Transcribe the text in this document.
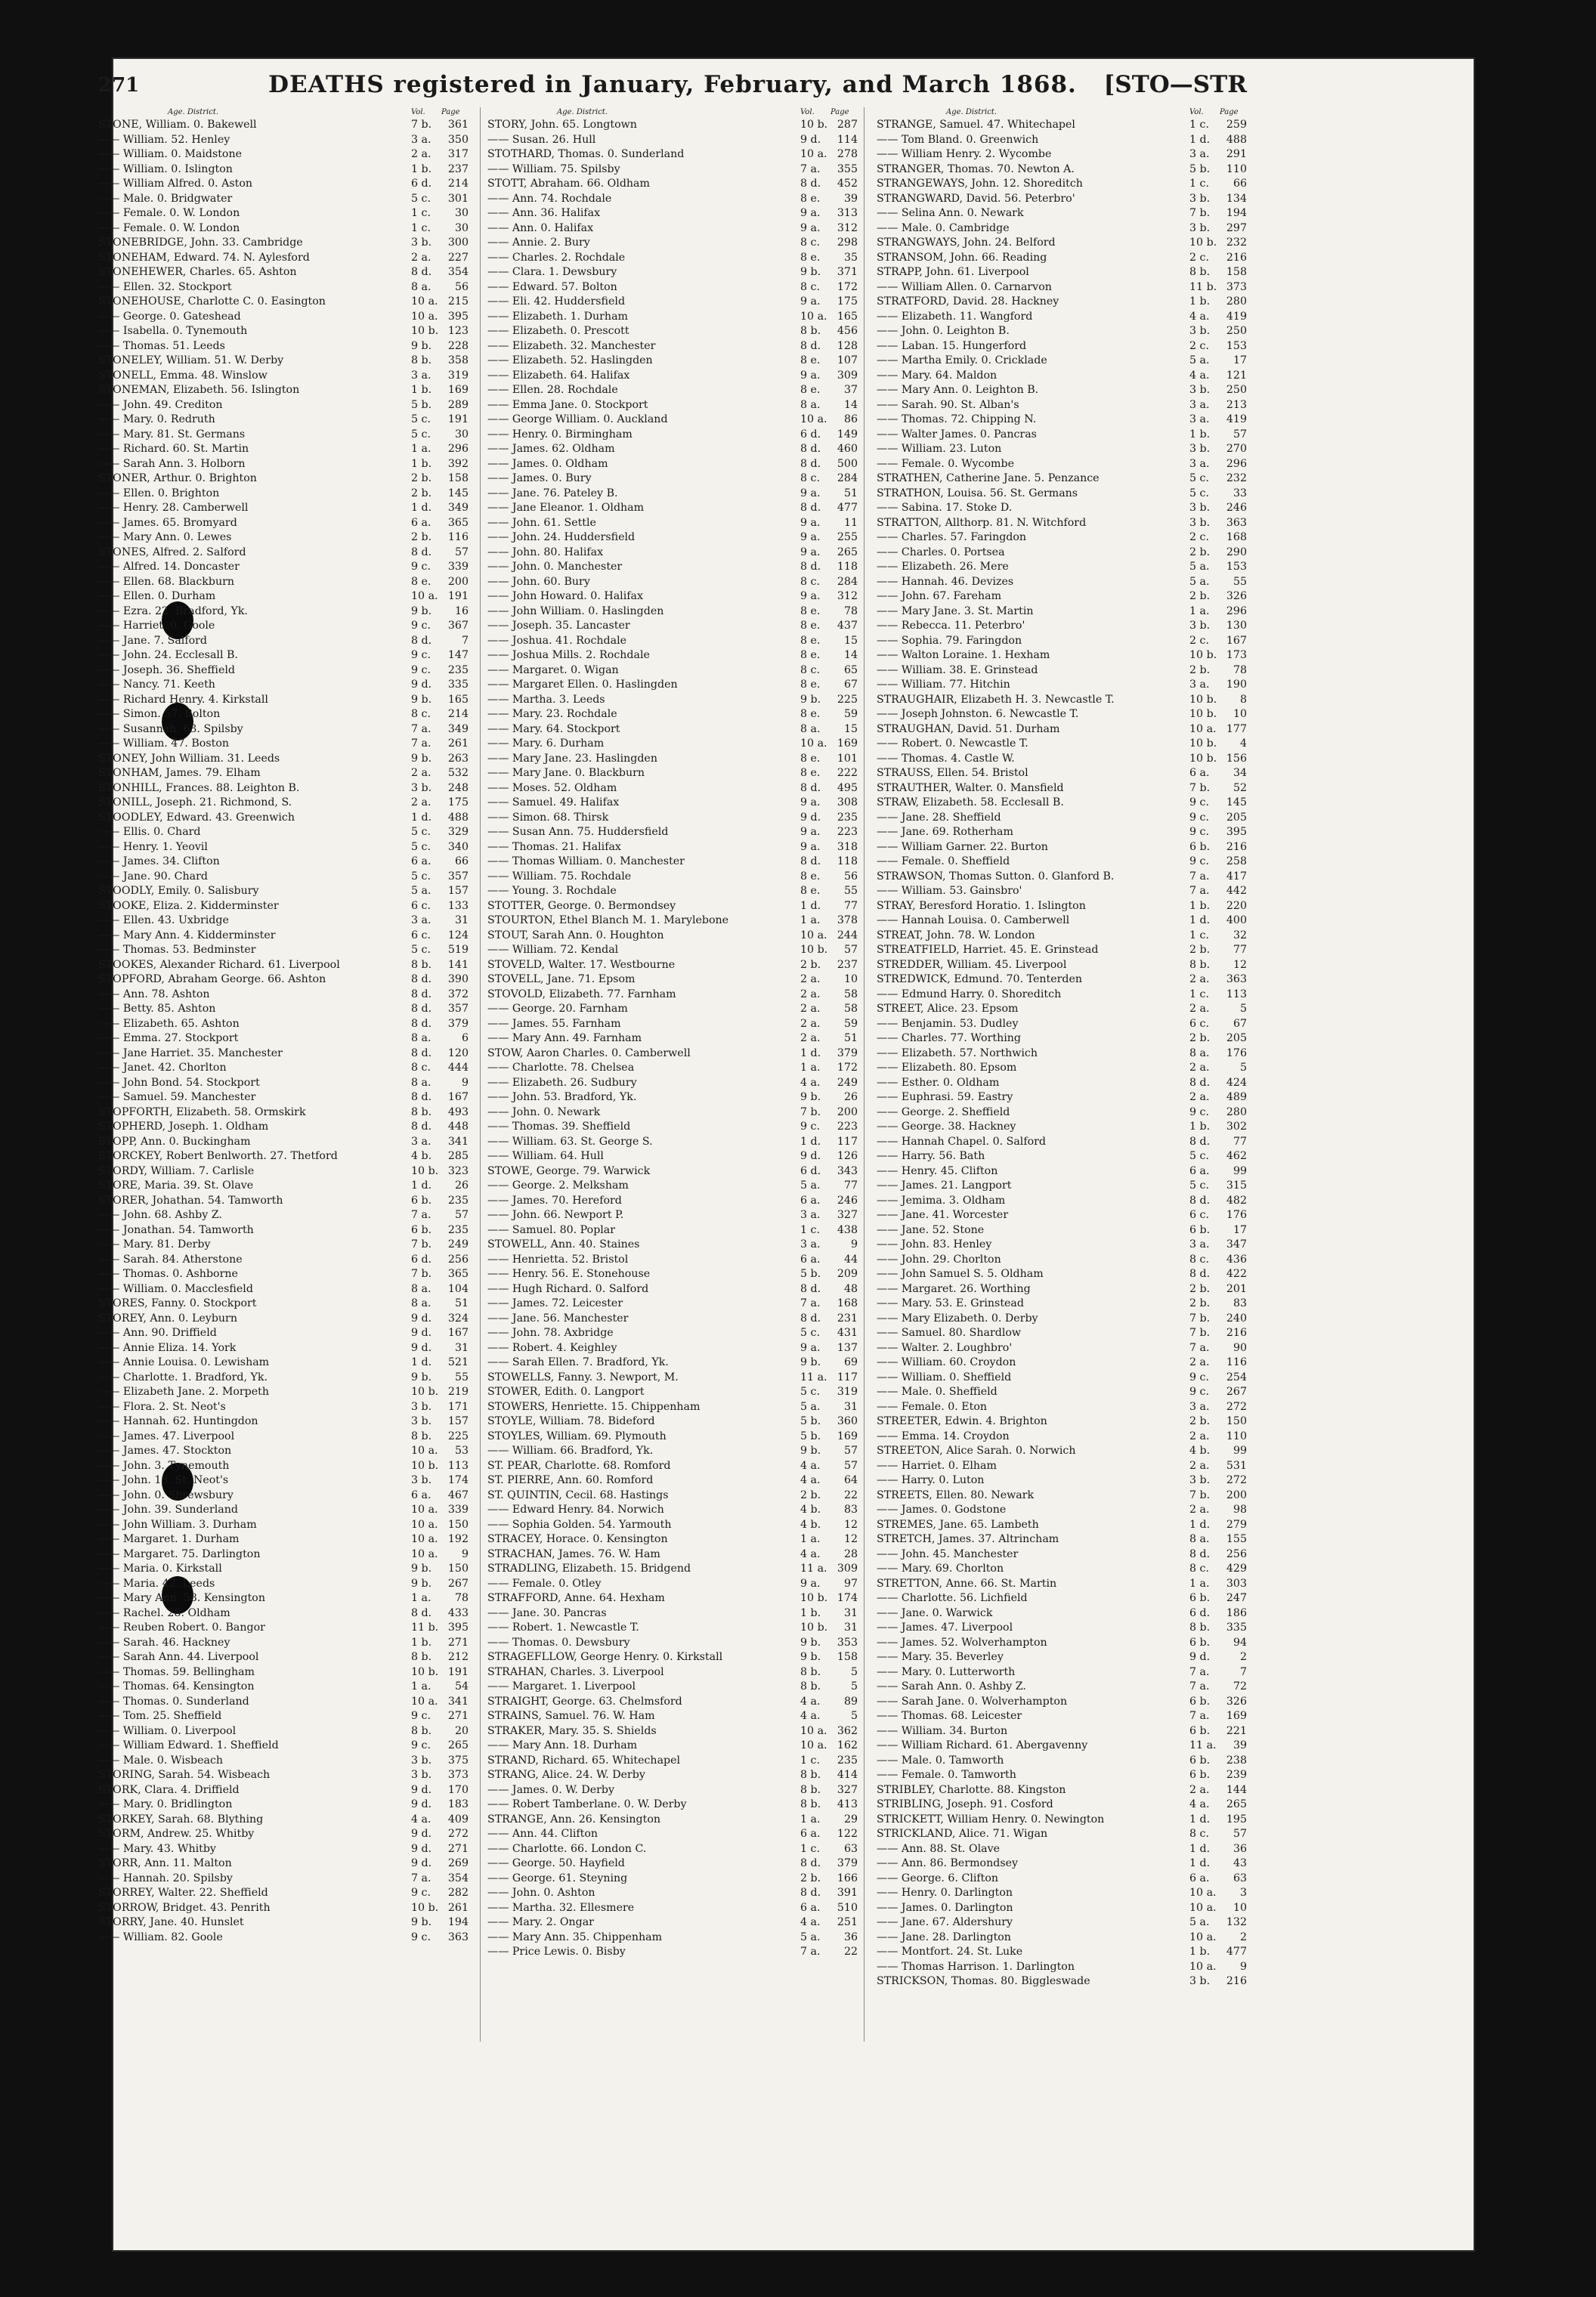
271	DEATHS registered in January, February, and March 1868.	[STO—STR
Age. District.	Vol.	Page
STONE, William. 0. Bakewell	7 b.	361
—— William. 52. Henley	3 a.	350
—— William. 0. Maidstone	2 a.	317
—— William. 0. Islington	1 b.	237
—— William Alfred. 0. Aston	6 d.	214
—— Male. 0. Bridgwater	5 c.	301
—— Female. 0. W. London	1 c.	30
—— Female. 0. W. London	1 c.	30
STONEBRIDGE, John. 33. Cambridge	3 b.	300
STONEHAM, Edward. 74. N. Aylesford	2 a.	227
STONEHEWER, Charles. 65. Ashton	8 d.	354
—— Ellen. 32. Stockport	8 a.	56
STONEHOUSE, Charlotte C. 0. Easington	10 a. 215
—— George. 0. Gateshead	10 a. 395
—— Isabella. 0. Tynemouth	10 b. 123
—— Thomas. 51. Leeds	9 b.	228
STONELEY, William. 51. W. Derby	8 b.	358
STONELL, Emma. 48. Winslow	3 a.	319
STONEMAN, Elizabeth. 56. Islington	1 b.	169
—— John. 49. Crediton	5 b.	289
—— Mary. 0. Redruth	5 c.	191
—— Mary. 81. St. Germans	5 c.	30
—— Richard. 60. St. Martin	1 a.	296
—— Sarah Ann. 3. Holborn	1 b.	392
STONER, Arthur. 0. Brighton	2 b.	158
—— Ellen. 0. Brighton	2 b.	145
—— Henry. 28. Camberwell	1 d.	349
—— James. 65. Bromyard	6 a.	365
—— Mary Ann. 0. Lewes	2 b.	116
STONES, Alfred. 2. Salford	8 d.	57
—— Alfred. 14. Doncaster	9 c.	339
—— Ellen. 68. Blackburn	8 e.	200
—— Ellen. 0. Durham	10 a. 191
—— Ezra. 22. Bradford, Yk.	9 b.	16
—— Harriet. 0. Goole	9 c.	367
—— Jane. 7. Salford	8 d.	7
—— John. 24. Ecclesall B.	9 c.	147
—— Joseph. 36. Sheffield	9 c.	235
—— Nancy. 71. Keeth	9 d.	335
—— Richard Henry. 4. Kirkstall	9 b.	165
—— Simon. 57. Bolton	8 c.	214
—— Susannah. 63. Spilsby	7 a.	349
—— William. 47. Boston	7 a.	261
STONEY, John William. 31. Leeds	9 b.	263
STONHAM, James. 79. Elham	2 a.	532
STONHILL, Frances. 88. Leighton B.	3 b.	248
STONILL, Joseph. 21. Richmond, S.	2 a.	175
STOODLEY, Edward. 43. Greenwich	1 d.	488
—— Ellis. 0. Chard	5 c.	329
—— Henry. 1. Yeovil	5 c.	340
—— James. 34. Clifton	6 a.	66
—— Jane. 90. Chard	5 c.	357
STOODLY, Emily. 0. Salisbury	5 a.	157
STOOKE, Eliza. 2. Kidderminster	6 c.	133
—— Ellen. 43. Uxbridge	3 a.	31
—— Mary Ann. 4. Kidderminster	6 c.	124
—— Thomas. 53. Bedminster	5 c.	519
STOOKES, Alexander Richard. 61. Liverpool	8 b.	141
STOPFORD, Abraham George. 66. Ashton	8 d.	390
—— Ann. 78. Ashton	8 d.	372
—— Betty. 85. Ashton	8 d.	357
—— Elizabeth. 65. Ashton	8 d.	379
—— Emma. 27. Stockport	8 a.	6
—— Jane Harriet. 35. Manchester	8 d.	120
—— Janet. 42. Chorlton	8 c.	444
—— John Bond. 54. Stockport	8 a.	9
—— Samuel. 59. Manchester	8 d.	167
STOPFORTH, Elizabeth. 58. Ormskirk	8 b.	493
STOPHERD, Joseph. 1. Oldham	8 d.	448
STOPP, Ann. 0. Buckingham	3 a.	341
STORCKEY, Robert Benlworth. 27. Thetford	4 b.	285
STORDY, William. 7. Carlisle	10 b. 323
STORE, Maria. 39. St. Olave	1 d.	26
STORER, Johathan. 54. Tamworth	6 b.	235
—— John. 68. Ashby Z.	7 a.	57
—— Jonathan. 54. Tamworth	6 b.	235
—— Mary. 81. Derby	7 b.	249
—— Sarah. 84. Atherstone	6 d.	256
—— Thomas. 0. Ashborne	7 b.	365
—— William. 0. Macclesfield	8 a.	104
STORES, Fanny. 0. Stockport	8 a.	51
STOREY, Ann. 0. Leyburn	9 d.	324
—— Ann. 90. Driffield	9 d.	167
—— Annie Eliza. 14. York	9 d.	31
—— Annie Louisa. 0. Lewisham	1 d.	521
—— Charlotte. 1. Bradford, Yk.	9 b.	55
—— Elizabeth Jane. 2. Morpeth	10 b. 219
—— Flora. 2. St. Neot's	3 b.	171
—— Hannah. 62. Huntingdon	3 b.	157
—— James. 47. Liverpool	8 b.	225
—— James. 47. Stockton	10 a.	53
—— John. 3. Tynemouth	10 b. 113
—— John. 18. St. Neot's	3 b.	174
—— John. 0. Shrewsbury	6 a.	467
—— John. 39. Sunderland	10 a. 339
—— John William. 3. Durham	10 a. 150
—— Margaret. 1. Durham	10 a. 192
—— Margaret. 75. Darlington	10 a.	9
—— Maria. 0. Kirkstall	9 b.	150
—— Maria. 42. Leeds	9 b.	267
—— Mary Ann. 58. Kensington	1 a.	78
—— Rachel. 28. Oldham	8 d.	433
—— Reuben Robert. 0. Bangor	11 b. 395
—— Sarah. 46. Hackney	1 b.	271
—— Sarah Ann. 44. Liverpool	8 b.	212
—— Thomas. 59. Bellingham	10 b. 191
—— Thomas. 64. Kensington	1 a.	54
—— Thomas. 0. Sunderland	10 a. 341
—— Tom. 25. Sheffield	9 c.	271
—— William. 0. Liverpool	8 b.	20
—— William Edward. 1. Sheffield	9 c.	265
—— Male. 0. Wisbeach	3 b.	375
STORING, Sarah. 54. Wisbeach	3 b.	373
STORK, Clara. 4. Driffield	9 d.	170
—— Mary. 0. Bridlington	9 d.	183
STORKEY, Sarah. 68. Blything	4 a.	409
STORM, Andrew. 25. Whitby	9 d.	272
—— Mary. 43. Whitby	9 d.	271
STORR, Ann. 11. Malton	9 d.	269
—— Hannah. 20. Spilsby	7 a.	354
STORREY, Walter. 22. Sheffield	9 c.	282
STORROW, Bridget. 43. Penrith	10 b. 261
STORRY, Jane. 40. Hunslet	9 b.	194
—— William. 82. Goole	9 c.	363
Age. District.	Vol.	Page
STORY, John. 65. Longtown	10 b. 287
—— Susan. 26. Hull	9 d.	114
STOTHARD, Thomas. 0. Sunderland	10 a. 278
—— William. 75. Spilsby	7 a.	355
STOTT, Abraham. 66. Oldham	8 d.	452
—— Ann. 74. Rochdale	8 e.	39
—— Ann. 36. Halifax	9 a.	313
—— Ann. 0. Halifax	9 a.	312
—— Annie. 2. Bury	8 c.	298
—— Charles. 2. Rochdale	8 e.	35
—— Clara. 1. Dewsbury	9 b.	371
—— Edward. 57. Bolton	8 c.	172
—— Eli. 42. Huddersfield	9 a.	175
—— Elizabeth. 1. Durham	10 a. 165
—— Elizabeth. 0. Prescott	8 b.	456
—— Elizabeth. 32. Manchester	8 d.	128
—— Elizabeth. 52. Haslingden	8 e.	107
—— Elizabeth. 64. Halifax	9 a.	309
—— Ellen. 28. Rochdale	8 e.	37
—— Emma Jane. 0. Stockport	8 a.	14
—— George William. 0. Auckland	10 a.	86
—— Henry. 0. Birmingham	6 d.	149
—— James. 62. Oldham	8 d.	460
—— James. 0. Oldham	8 d.	500
—— James. 0. Bury	8 c.	284
—— Jane. 76. Pateley B.	9 a.	51
—— Jane Eleanor. 1. Oldham	8 d.	477
—— John. 61. Settle	9 a.	11
—— John. 24. Huddersfield	9 a.	255
—— John. 80. Halifax	9 a.	265
—— John. 0. Manchester	8 d.	118
—— John. 60. Bury	8 c.	284
—— John Howard. 0. Halifax	9 a.	312
—— John William. 0. Haslingden	8 e.	78
—— Joseph. 35. Lancaster	8 e.	437
—— Joshua. 41. Rochdale	8 e.	15
—— Joshua Mills. 2. Rochdale	8 e.	14
—— Margaret. 0. Wigan	8 c.	65
—— Margaret Ellen. 0. Haslingden	8 e.	67
—— Martha. 3. Leeds	9 b.	225
—— Mary. 23. Rochdale	8 e.	59
—— Mary. 64. Stockport	8 a.	15
—— Mary. 6. Durham	10 a. 169
—— Mary Jane. 23. Haslingden	8 e.	101
—— Mary Jane. 0. Blackburn	8 e.	222
—— Moses. 52. Oldham	8 d.	495
—— Samuel. 49. Halifax	9 a.	308
—— Simon. 68. Thirsk	9 d.	235
—— Susan Ann. 75. Huddersfield	9 a.	223
—— Thomas. 21. Halifax	9 a.	318
—— Thomas William. 0. Manchester	8 d.	118
—— William. 75. Rochdale	8 e.	56
—— Young. 3. Rochdale	8 e.	55
STOTTER, George. 0. Bermondsey	1 d.	77
STOURTON, Ethel Blanch M. 1. Marylebone	1 a.	378
STOUT, Sarah Ann. 0. Houghton	10 a. 244
—— William. 72. Kendal	10 b.	57
STOVELD, Walter. 17. Westbourne	2 b.	237
STOVELL, Jane. 71. Epsom	2 a.	10
STOVOLD, Elizabeth. 77. Farnham	2 a.	58
—— George. 20. Farnham	2 a.	58
—— James. 55. Farnham	2 a.	59
—— Mary Ann. 49. Farnham	2 a.	51
STOW, Aaron Charles. 0. Camberwell	1 d.	379
—— Charlotte. 78. Chelsea	1 a.	172
—— Elizabeth. 26. Sudbury	4 a.	249
—— John. 53. Bradford, Yk.	9 b.	26
—— John. 0. Newark	7 b.	200
—— Thomas. 39. Sheffield	9 c.	223
—— William. 63. St. George S.	1 d.	117
—— William. 64. Hull	9 d.	126
STOWE, George. 79. Warwick	6 d.	343
—— George. 2. Melksham	5 a.	77
—— James. 70. Hereford	6 a.	246
—— John. 66. Newport P.	3 a.	327
—— Samuel. 80. Poplar	1 c.	438
STOWELL, Ann. 40. Staines	3 a.	9
—— Henrietta. 52. Bristol	6 a.	44
—— Henry. 56. E. Stonehouse	5 b.	209
—— Hugh Richard. 0. Salford	8 d.	48
—— James. 72. Leicester	7 a.	168
—— Jane. 56. Manchester	8 d.	231
—— John. 78. Axbridge	5 c.	431
—— Robert. 4. Keighley	9 a.	137
—— Sarah Ellen. 7. Bradford, Yk.	9 b.	69
STOWELLS, Fanny. 3. Newport, M.	11 a. 117
STOWER, Edith. 0. Langport	5 c.	319
STOWERS, Henriette. 15. Chippenham	5 a.	31
STOYLE, William. 78. Bideford	5 b.	360
STOYLES, William. 69. Plymouth	5 b.	169
—— William. 66. Bradford, Yk.	9 b.	57
ST. PEAR, Charlotte. 68. Romford	4 a.	57
ST. PIERRE, Ann. 60. Romford	4 a.	64
ST. QUINTIN, Cecil. 68. Hastings	2 b.	22
—— Edward Henry. 84. Norwich	4 b.	83
—— Sophia Golden. 54. Yarmouth	4 b.	12
STRACEY, Horace. 0. Kensington	1 a.	12
STRACHAN, James. 76. W. Ham	4 a.	28
STRADLING, Elizabeth. 15. Bridgend	11 a. 309
—— Female. 0. Otley	9 a.	97
STRAFFORD, Anne. 64. Hexham	10 b. 174
—— Jane. 30. Pancras	1 b.	31
—— Robert. 1. Newcastle T.	10 b.	31
—— Thomas. 0. Dewsbury	9 b.	353
STRAGEFLLOW, George Henry. 0. Kirkstall	9 b.	158
STRAHAN, Charles. 3. Liverpool	8 b.	5
—— Margaret. 1. Liverpool	8 b.	5
STRAIGHT, George. 63. Chelmsford	4 a.	89
STRAINS, Samuel. 76. W. Ham	4 a.	5
STRAKER, Mary. 35. S. Shields	10 a. 362
—— Mary Ann. 18. Durham	10 a. 162
STRAND, Richard. 65. Whitechapel	1 c.	235
STRANG, Alice. 24. W. Derby	8 b.	414
—— James. 0. W. Derby	8 b.	327
—— Robert Tamberlane. 0. W. Derby	8 b.	413
STRANGE, Ann. 26. Kensington	1 a.	29
—— Ann. 44. Clifton	6 a.	122
—— Charlotte. 66. London C.	1 c.	63
—— George. 50. Hayfield	8 d.	379
—— George. 61. Steyning	2 b.	166
—— John. 0. Ashton	8 d.	391
—— Martha. 32. Ellesmere	6 a.	510
—— Mary. 2. Ongar	4 a.	251
—— Mary Ann. 35. Chippenham	5 a.	36
—— Price Lewis. 0. Bisby	7 a.	22
Age. District.	Vol.	Page
STRANGE, Samuel. 47. Whitechapel	1 c.	259
—— Tom Bland. 0. Greenwich	1 d.	488
—— William Henry. 2. Wycombe	3 a.	291
STRANGER, Thomas. 70. Newton A.	5 b.	110
STRANGEWAYS, John. 12. Shoreditch	1 c.	66
STRANGWARD, David. 56. Peterbro'	3 b.	134
—— Selina Ann. 0. Newark	7 b.	194
—— Male. 0. Cambridge	3 b.	297
STRANGWAYS, John. 24. Belford	10 b. 232
STRANSOM, John. 66. Reading	2 c.	216
STRAPP, John. 61. Liverpool	8 b.	158
—— William Allen. 0. Carnarvon	11 b. 373
STRATFORD, David. 28. Hackney	1 b.	280
—— Elizabeth. 11. Wangford	4 a.	419
—— John. 0. Leighton B.	3 b.	250
—— Laban. 15. Hungerford	2 c.	153
—— Martha Emily. 0. Cricklade	5 a.	17
—— Mary. 64. Maldon	4 a.	121
—— Mary Ann. 0. Leighton B.	3 b.	250
—— Sarah. 90. St. Alban's	3 a.	213
—— Thomas. 72. Chipping N.	3 a.	419
—— Walter James. 0. Pancras	1 b.	57
—— William. 23. Luton	3 b.	270
—— Female. 0. Wycombe	3 a.	296
STRATHEN, Catherine Jane. 5. Penzance	5 c.	232
STRATHON, Louisa. 56. St. Germans	5 c.	33
—— Sabina. 17. Stoke D.	3 b.	246
STRATTON, Allthorp. 81. N. Witchford	3 b.	363
—— Charles. 57. Faringdon	2 c.	168
—— Charles. 0. Portsea	2 b.	290
—— Elizabeth. 26. Mere	5 a.	153
—— Hannah. 46. Devizes	5 a.	55
—— John. 67. Fareham	2 b.	326
—— Mary Jane. 3. St. Martin	1 a.	296
—— Rebecca. 11. Peterbro'	3 b.	130
—— Sophia. 79. Faringdon	2 c.	167
—— Walton Loraine. 1. Hexham	10 b. 173
—— William. 38. E. Grinstead	2 b.	78
—— William. 77. Hitchin	3 a.	190
STRAUGHAIR, Elizabeth H. 3. Newcastle T.	10 b.	8
—— Joseph Johnston. 6. Newcastle T.	10 b.	10
STRAUGHAN, David. 51. Durham	10 a. 177
—— Robert. 0. Newcastle T.	10 b.	4
—— Thomas. 4. Castle W.	10 b. 156
STRAUSS, Ellen. 54. Bristol	6 a.	34
STRAUTHER, Walter. 0. Mansfield	7 b.	52
STRAW, Elizabeth. 58. Ecclesall B.	9 c.	145
—— Jane. 28. Sheffield	9 c.	205
—— Jane. 69. Rotherham	9 c.	395
—— William Garner. 22. Burton	6 b.	216
—— Female. 0. Sheffield	9 c.	258
STRAWSON, Thomas Sutton. 0. Glanford B.	7 a.	417
—— William. 53. Gainsbro'	7 a.	442
STRAY, Beresford Horatio. 1. Islington	1 b.	220
—— Hannah Louisa. 0. Camberwell	1 d.	400
STREAT, John. 78. W. London	1 c.	32
STREATFIELD, Harriet. 45. E. Grinstead	2 b.	77
STREDDER, William. 45. Liverpool	8 b.	12
STREDWICK, Edmund. 70. Tenterden	2 a.	363
—— Edmund Harry. 0. Shoreditch	1 c.	113
STREET, Alice. 23. Epsom	2 a.	5
—— Benjamin. 53. Dudley	6 c.	67
—— Charles. 77. Worthing	2 b.	205
—— Elizabeth. 57. Northwich	8 a.	176
—— Elizabeth. 80. Epsom	2 a.	5
—— Esther. 0. Oldham	8 d.	424
—— Euphrasi. 59. Eastry	2 a.	489
—— George. 2. Sheffield	9 c.	280
—— George. 38. Hackney	1 b.	302
—— Hannah Chapel. 0. Salford	8 d.	77
—— Harry. 56. Bath	5 c.	462
—— Henry. 45. Clifton	6 a.	99
—— James. 21. Langport	5 c.	315
—— Jemima. 3. Oldham	8 d.	482
—— Jane. 41. Worcester	6 c.	176
—— Jane. 52. Stone	6 b.	17
—— John. 83. Henley	3 a.	347
—— John. 29. Chorlton	8 c.	436
—— John Samuel S. 5. Oldham	8 d.	422
—— Margaret. 26. Worthing	2 b.	201
—— Mary. 53. E. Grinstead	2 b.	83
—— Mary Elizabeth. 0. Derby	7 b.	240
—— Samuel. 80. Shardlow	7 b.	216
—— Walter. 2. Loughbro'	7 a.	90
—— William. 60. Croydon	2 a.	116
—— William. 0. Sheffield	9 c.	254
—— Male. 0. Sheffield	9 c.	267
—— Female. 0. Eton	3 a.	272
STREETER, Edwin. 4. Brighton	2 b.	150
—— Emma. 14. Croydon	2 a.	110
STREETON, Alice Sarah. 0. Norwich	4 b.	99
—— Harriet. 0. Elham	2 a.	531
—— Harry. 0. Luton	3 b.	272
STREETS, Ellen. 80. Newark	7 b.	200
—— James. 0. Godstone	2 a.	98
STREMES, Jane. 65. Lambeth	1 d.	279
STRETCH, James. 37. Altrincham	8 a.	155
—— John. 45. Manchester	8 d.	256
—— Mary. 69. Chorlton	8 c.	429
STRETTON, Anne. 66. St. Martin	1 a.	303
—— Charlotte. 56. Lichfield	6 b.	247
—— Jane. 0. Warwick	6 d.	186
—— James. 47. Liverpool	8 b.	335
—— James. 52. Wolverhampton	6 b.	94
—— Mary. 35. Beverley	9 d.	2
—— Mary. 0. Lutterworth	7 a.	7
—— Sarah Ann. 0. Ashby Z.	7 a.	72
—— Sarah Jane. 0. Wolverhampton	6 b.	326
—— Thomas. 68. Leicester	7 a.	169
—— William. 34. Burton	6 b.	221
—— William Richard. 61. Abergavenny	11 a.	39
—— Male. 0. Tamworth	6 b.	238
—— Female. 0. Tamworth	6 b.	239
STRIBLEY, Charlotte. 88. Kingston	2 a.	144
STRIBLING, Joseph. 91. Cosford	4 a.	265
STRICKETT, William Henry. 0. Newington	1 d.	195
STRICKLAND, Alice. 71. Wigan	8 c.	57
—— Ann. 88. St. Olave	1 d.	36
—— Ann. 86. Bermondsey	1 d.	43
—— George. 6. Clifton	6 a.	63
—— Henry. 0. Darlington	10 a.	3
—— James. 0. Darlington	10 a.	10
—— Jane. 67. Aldershury	5 a.	132
—— Jane. 28. Darlington	10 a.	2
—— Montfort. 24. St. Luke	1 b.	477
—— Thomas Harrison. 1. Darlington	10 a.	9
STRICKSON, Thomas. 80. Biggleswade	3 b.	216
